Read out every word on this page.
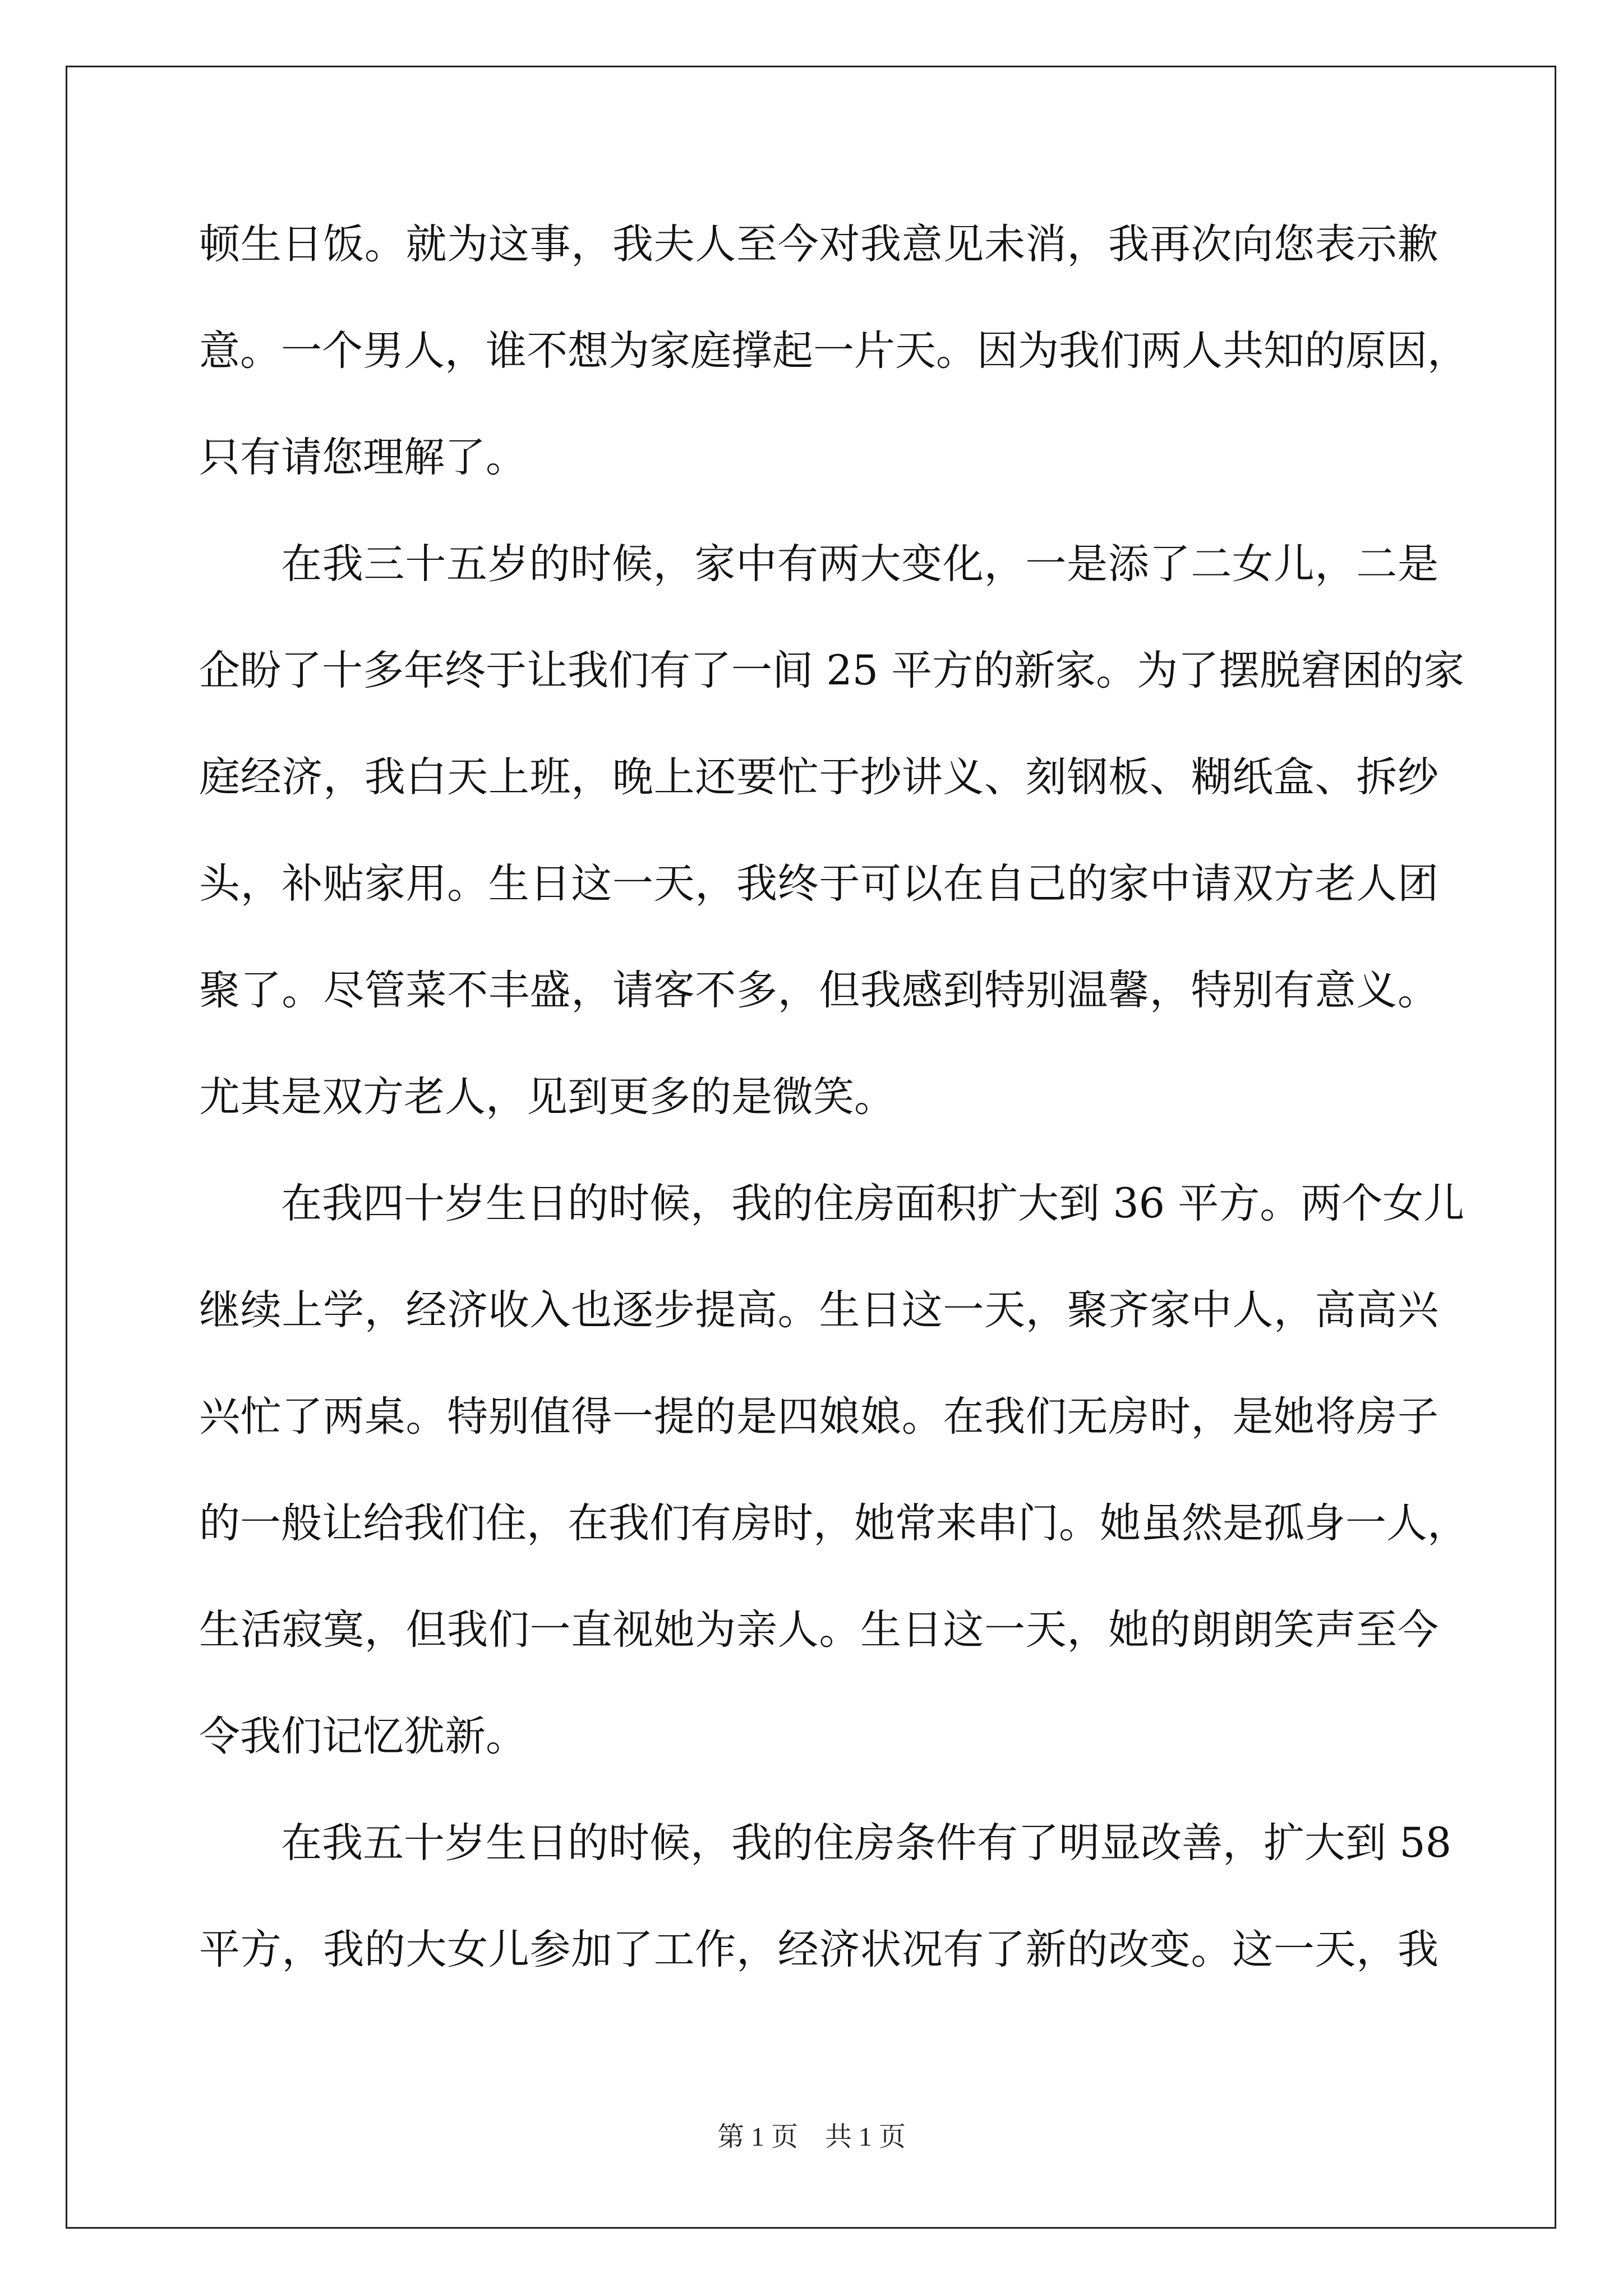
顿生日饭。就为这事，我夫人至今对我意见未消，我再次向您表示歉
意。一个男人，谁不想为家庭撑起一片天。因为我们两人共知的原因，
只有请您理解了。
在我三十五岁的时候，家中有两大变化，一是添了二女儿，二是
企盼了十多年终于让我们有了一间 25 平方的新家。为了摆脱窘困的家
庭经济，我白天上班，晚上还要忙于抄讲义、刻钢板、糊纸盒、拆纱
头，补贴家用。生日这一天，我终于可以在自己的家中请双方老人团
聚了。尽管菜不丰盛，请客不多，但我感到特别温馨，特别有意义。
尤其是双方老人，见到更多的是微笑。
在我四十岁生日的时候，我的住房面积扩大到 36 平方。两个女儿
继续上学，经济收入也逐步提高。生日这一天，聚齐家中人，高高兴
兴忙了两桌。特别值得一提的是四娘娘。在我们无房时，是她将房子
的一般让给我们住，在我们有房时，她常来串门。她虽然是孤身一人，
生活寂寞，但我们一直视她为亲人。生日这一天，她的朗朗笑声至今
令我们记忆犹新。
在我五十岁生日的时候，我的住房条件有了明显改善，扩大到 58
平方，我的大女儿参加了工作，经济状况有了新的改变。这一天，我
第 1 页　共 1 页
